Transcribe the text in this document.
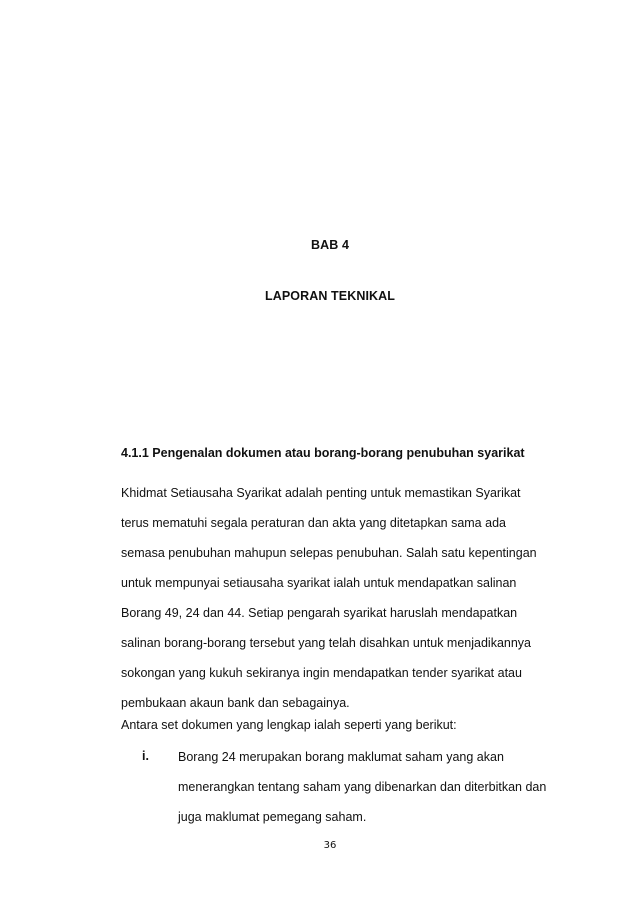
BAB 4
LAPORAN TEKNIKAL
4.1.1 Pengenalan dokumen atau borang-borang penubuhan syarikat
Khidmat Setiausaha Syarikat adalah penting untuk memastikan Syarikat
terus mematuhi segala peraturan dan akta yang ditetapkan sama ada
semasa penubuhan mahupun selepas penubuhan. Salah satu kepentingan
untuk mempunyai setiausaha syarikat ialah untuk mendapatkan salinan
Borang 49, 24 dan 44. Setiap pengarah syarikat haruslah mendapatkan
salinan borang-borang tersebut yang telah disahkan untuk menjadikannya
sokongan yang kukuh sekiranya ingin mendapatkan tender syarikat atau
pembukaan akaun bank dan sebagainya.
Antara set dokumen yang lengkap ialah seperti yang berikut:
i. Borang 24 merupakan borang maklumat saham yang akan
menerangkan tentang saham yang dibenarkan dan diterbitkan dan
juga maklumat pemegang saham.
36
